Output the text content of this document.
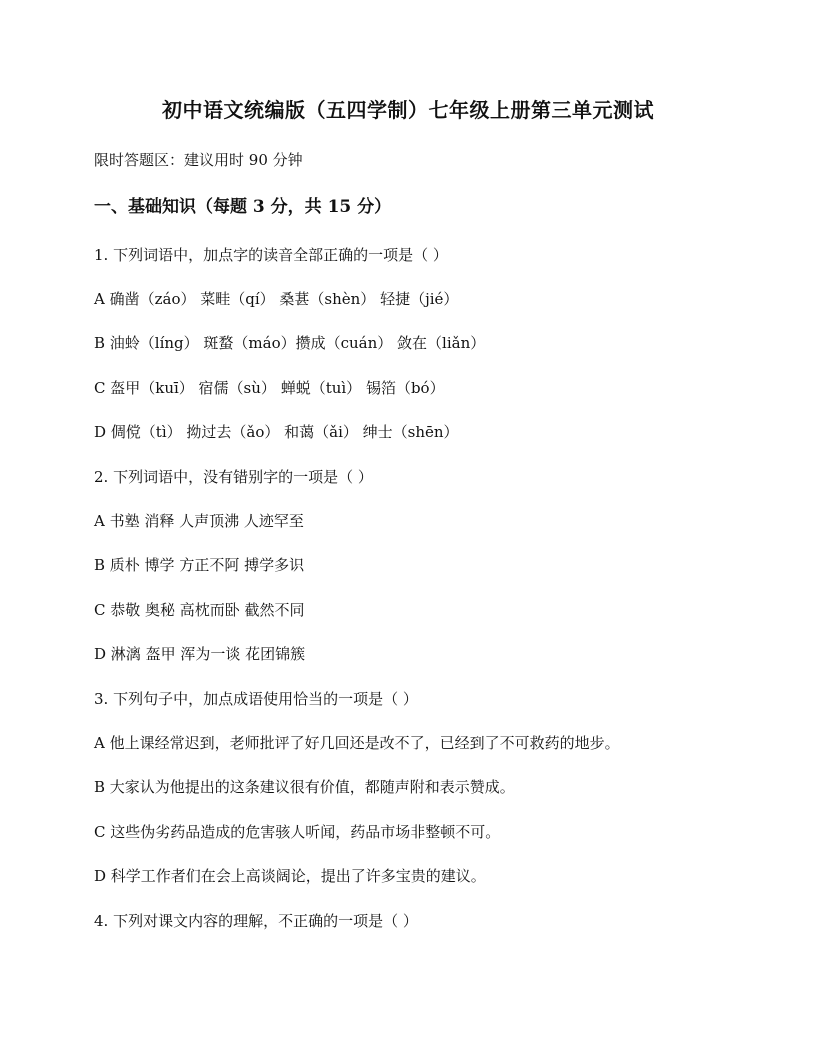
初中语文统编版（五四学制）七年级上册第三单元测试
限时答题区：建议用时 90 分钟
一、基础知识（每题 3 分，共 15 分）
1. 下列词语中，加点字的读音全部正确的一项是（ ）
A 确凿（záo） 菜畦（qí） 桑葚（shèn） 轻捷（jié）
B 油蛉（líng） 斑蝥（máo）攒成（cuán） 敛在（liǎn）
C 盔甲（kuī） 宿儒（sù） 蝉蜕（tuì） 锡箔（bó）
D 倜傥（tì） 拗过去（ǎo） 和蔼（ǎi） 绅士（shēn）
2. 下列词语中，没有错别字的一项是（ ）
A 书塾 消释 人声顶沸 人迹罕至
B 质朴 博学 方正不阿 搏学多识
C 恭敬 奥秘 高枕而卧 截然不同
D 淋漓 盔甲 浑为一谈 花团锦簇
3. 下列句子中，加点成语使用恰当的一项是（ ）
A 他上课经常迟到，老师批评了好几回还是改不了，已经到了不可救药的地步。
B 大家认为他提出的这条建议很有价值，都随声附和表示赞成。
C 这些伪劣药品造成的危害骇人听闻，药品市场非整顿不可。
D 科学工作者们在会上高谈阔论，提出了许多宝贵的建议。
4. 下列对课文内容的理解，不正确的一项是（ ）
